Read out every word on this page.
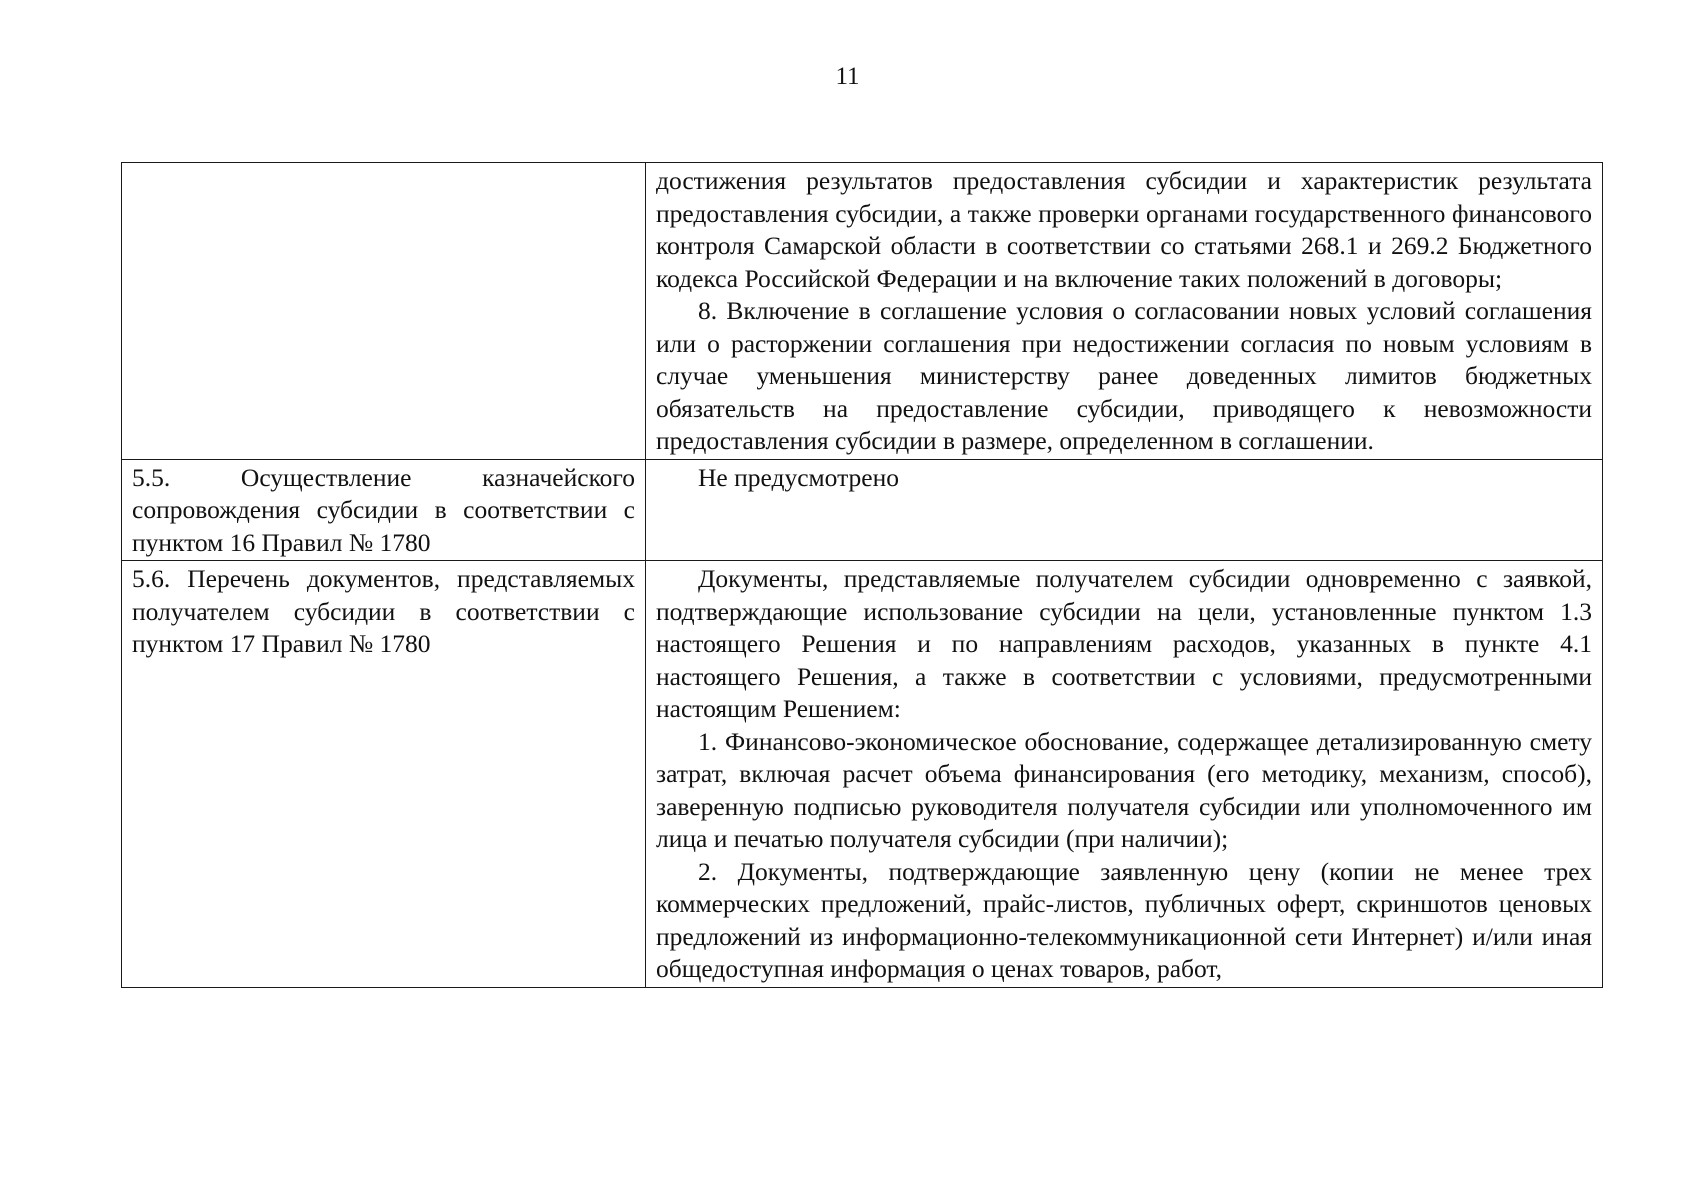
11

	достижения результатов предоставления субсидии и характеристик результата предоставления субсидии, а также проверки органами государственного финансового контроля Самарской области в соответствии со статьями 268.1 и 269.2 Бюджетного кодекса Российской Федерации и на включение таких положений в договоры;

8. Включение в соглашение условия о согласовании новых условий соглашения или о расторжении соглашения при недостижении согласия по новым условиям в случае уменьшения министерству ранее доведенных лимитов бюджетных обязательств на предоставление субсидии, приводящего к невозможности предоставления субсидии в размере, определенном в соглашении.

5.5. Осуществление казначейского сопровождения субсидии в соответствии с пунктом 16 Правил № 1780	Не предусмотрено

5.6. Перечень документов, представляемых получателем субсидии в соответствии с пунктом 17 Правил № 1780	Документы, представляемые получателем субсидии одновременно с заявкой, подтверждающие использование субсидии на цели, установленные пунктом 1.3 настоящего Решения и по направлениям расходов, указанных в пункте 4.1 настоящего Решения, а также в соответствии с условиями, предусмотренными настоящим Решением:

1. Финансово-экономическое обоснование, содержащее детализированную смету затрат, включая расчет объема финансирования (его методику, механизм, способ), заверенную подписью руководителя получателя субсидии или уполномоченного им лица и печатью получателя субсидии (при наличии);

2. Документы, подтверждающие заявленную цену (копии не менее трех коммерческих предложений, прайс-листов, публичных оферт, скриншотов ценовых предложений из информационно-телекоммуникационной сети Интернет) и/или иная общедоступная информация о ценах товаров, работ,
